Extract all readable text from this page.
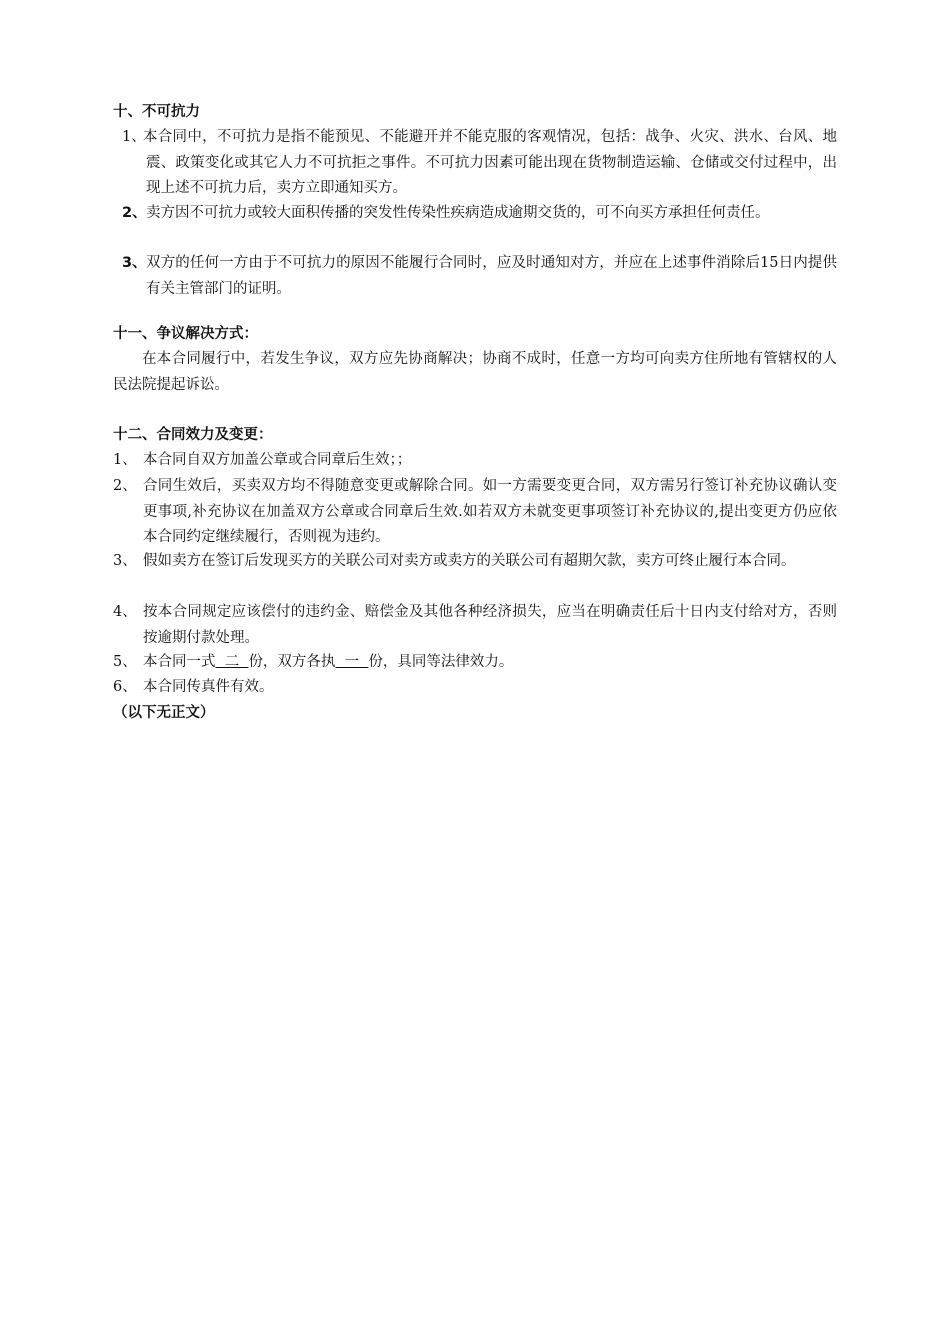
十、不可抗力
1、
本合同中，不可抗力是指不能预见、不能避开并不能克服的客观情况，包括：战争、火灾、洪水、台风、地震、政策变化或其它人力不可抗拒之事件。不可抗力因素可能出现在货物制造运输、仓储或交付过程中，出现上述不可抗力后，卖方立即通知买方。
2、 卖方因不可抗力或较大面积传播的突发性传染性疾病造成逾期交货的，可不向买方承担任何责任。
3、 双方的任何一方由于不可抗力的原因不能履行合同时，应及时通知对方，并应在上述事件消除后15日内提供有关主管部门的证明。
十一、争议解决方式：
在本合同履行中，若发生争议，双方应先协商解决；协商不成时，任意一方均可向卖方住所地有管辖权的人民法院提起诉讼。
十二、合同效力及变更：
1、 本合同自双方加盖公章或合同章后生效；；
2、 合同生效后，买卖双方均不得随意变更或解除合同。如一方需要变更合同，双方需另行签订补充协议确认变更事项,补充协议在加盖双方公章或合同章后生效.如若双方未就变更事项签订补充协议的,提出变更方仍应依本合同约定继续履行，否则视为违约。
3、 假如卖方在签订后发现买方的关联公司对卖方或卖方的关联公司有超期欠款，卖方可终止履行本合同。
4、 按本合同规定应该偿付的违约金、赔偿金及其他各种经济损失，应当在明确责任后十日内支付给对方，否则按逾期付款处理。
5、 本合同一式  二  份，双方各执  一  份，具同等法律效力。
6、 本合同传真件有效。
（以下无正文）
